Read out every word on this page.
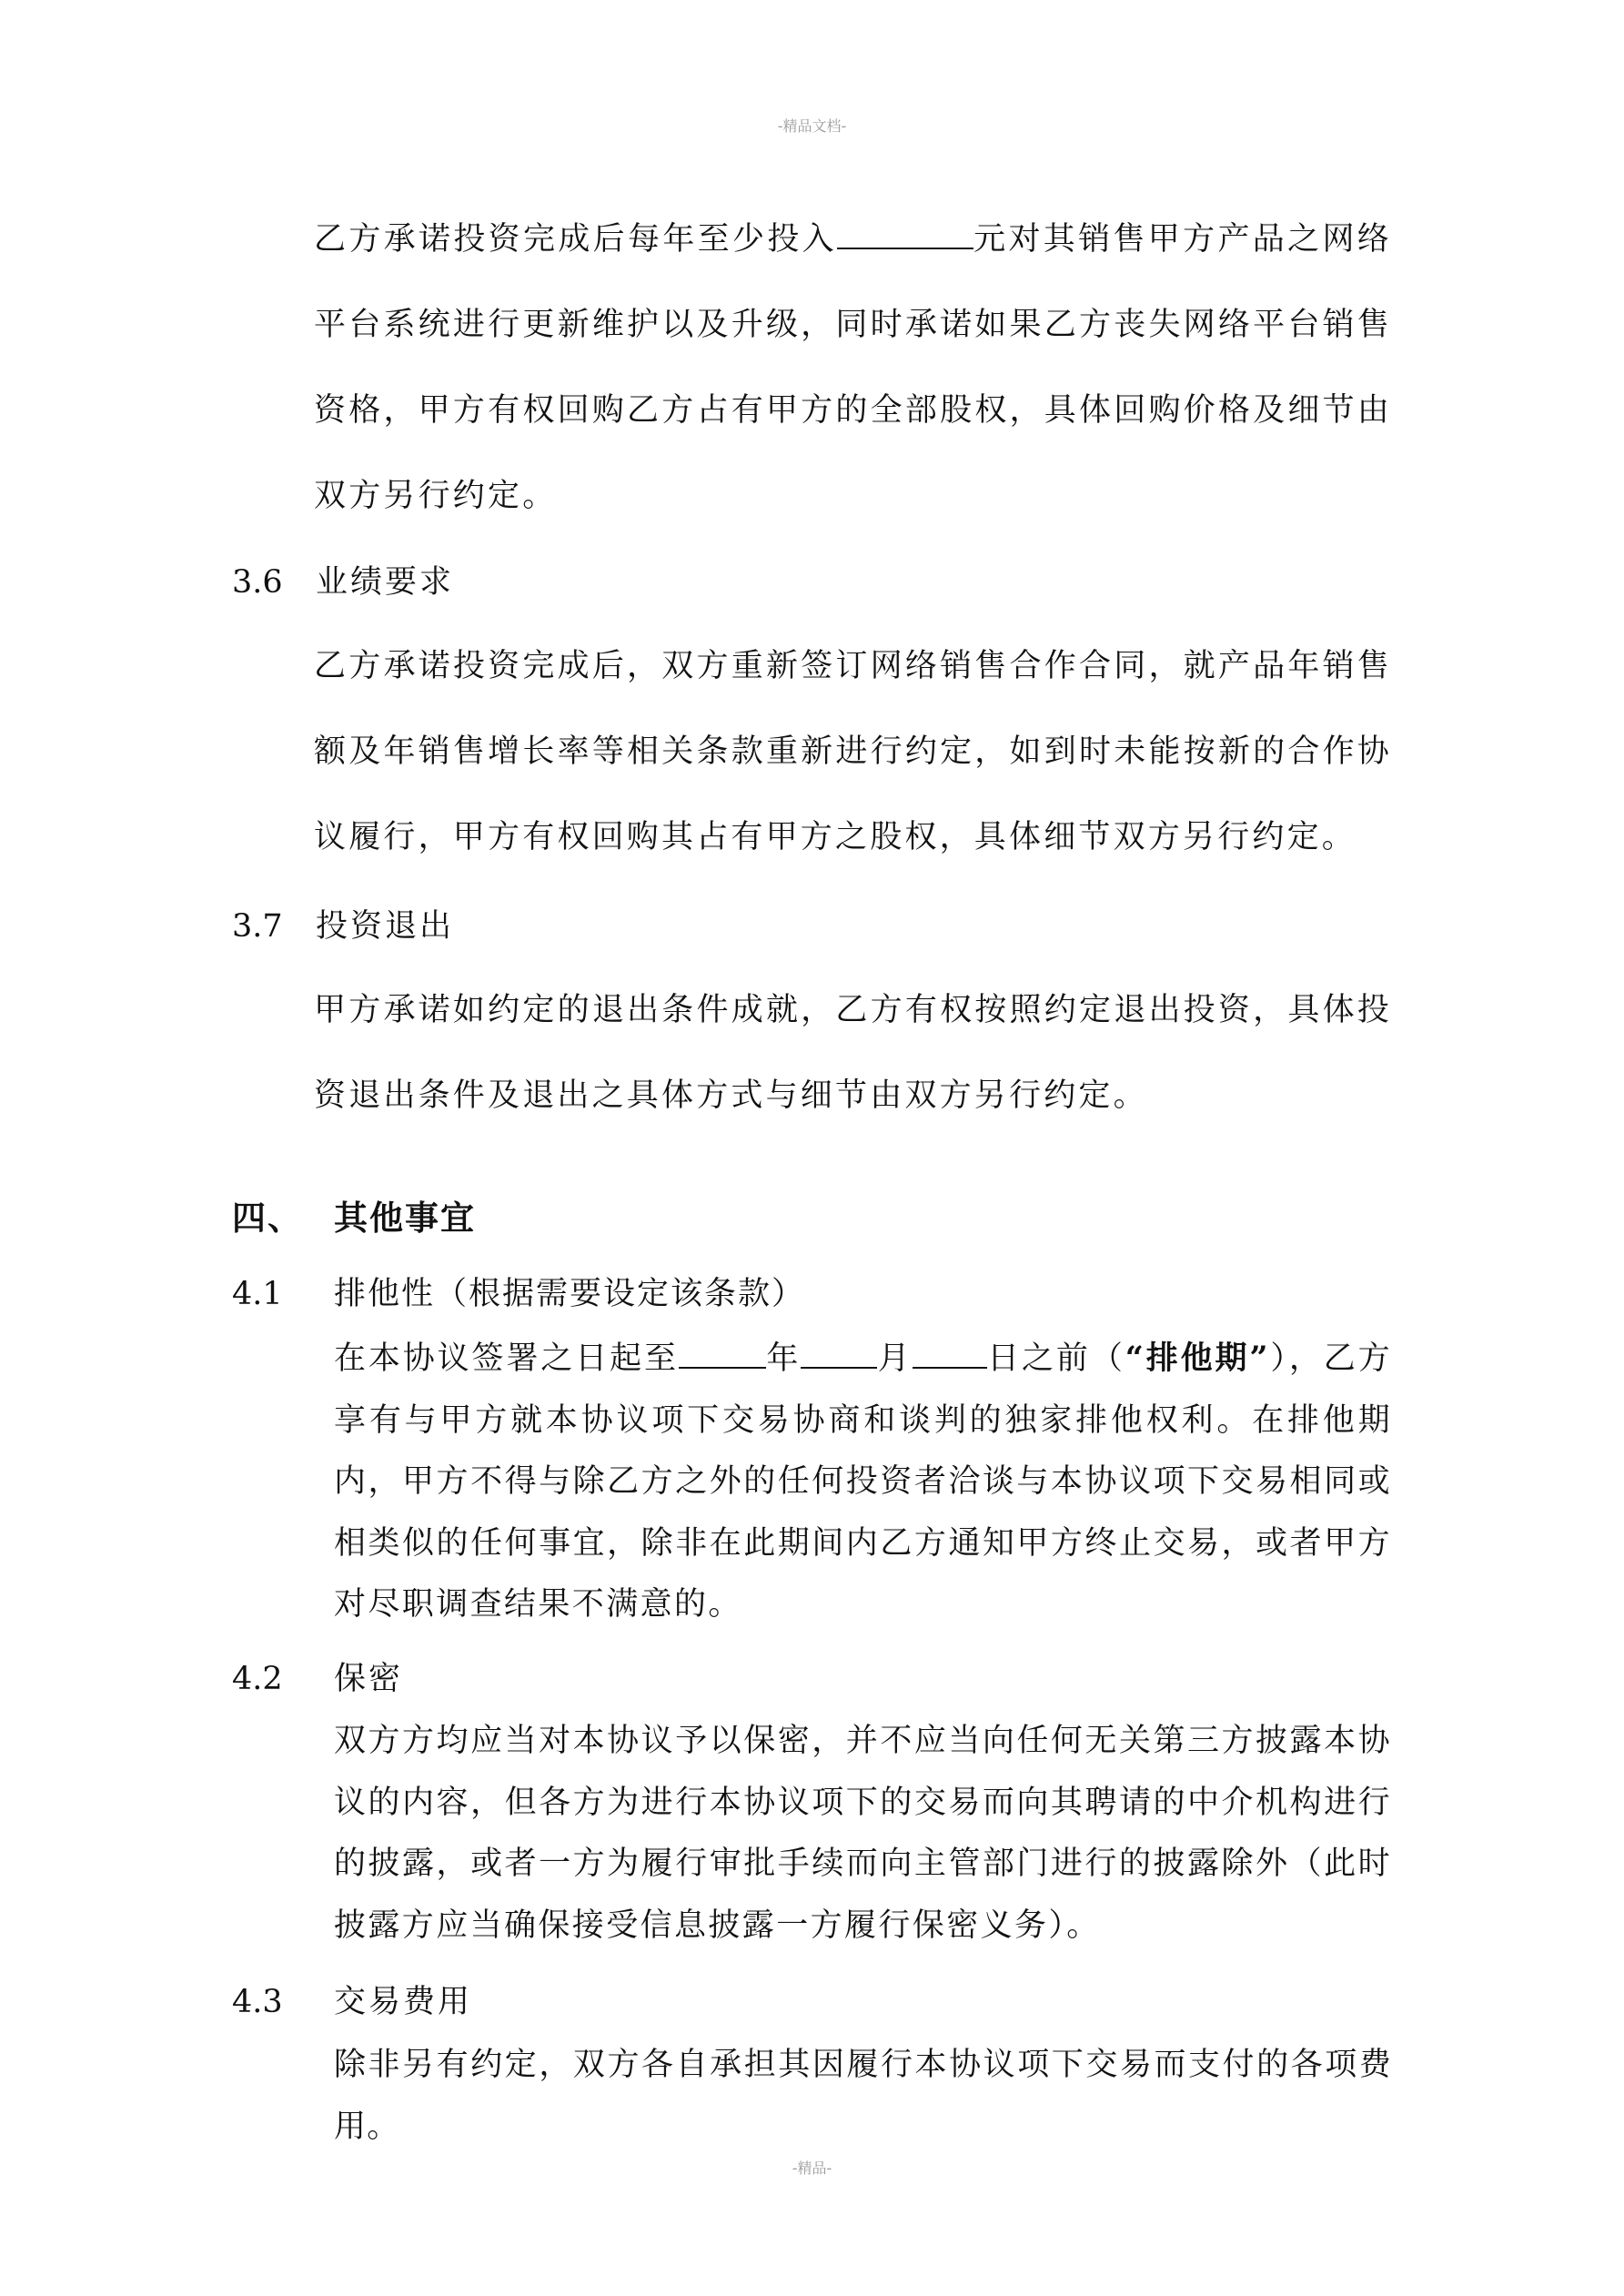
-精品文档-
乙方承诺投资完成后每年至少投入	元对其销售甲方产品之网络平台系统进行更新维护以及升级，同时承诺如果乙方丧失网络平台销售资格，甲方有权回购乙方占有甲方的全部股权，具体回购价格及细节由双方另行约定。
3.6 业绩要求
乙方承诺投资完成后，双方重新签订网络销售合作合同，就产品年销售额及年销售增长率等相关条款重新进行约定，如到时未能按新的合作协议履行，甲方有权回购其占有甲方之股权，具体细节双方另行约定。
3.7 投资退出
甲方承诺如约定的退出条件成就，乙方有权按照约定退出投资，具体投资退出条件及退出之具体方式与细节由双方另行约定。
四、 其他事宜
4.1 排他性（根据需要设定该条款）
在本协议签署之日起至	年 月 日之前（“排他期”），乙方享有与甲方就本协议项下交易协商和谈判的独家排他权利。在排他期内，甲方不得与除乙方之外的任何投资者洽谈与本协议项下交易相同或相类似的任何事宜，除非在此期间内乙方通知甲方终止交易，或者甲方对尽职调查结果不满意的。
4.2 保密
双方方均应当对本协议予以保密，并不应当向任何无关第三方披露本协议的内容，但各方为进行本协议项下的交易而向其聘请的中介机构进行的披露，或者一方为履行审批手续而向主管部门进行的披露除外（此时披露方应当确保接受信息披露一方履行保密义务）。
4.3 交易费用
除非另有约定，双方各自承担其因履行本协议项下交易而支付的各项费用。
-精品-
